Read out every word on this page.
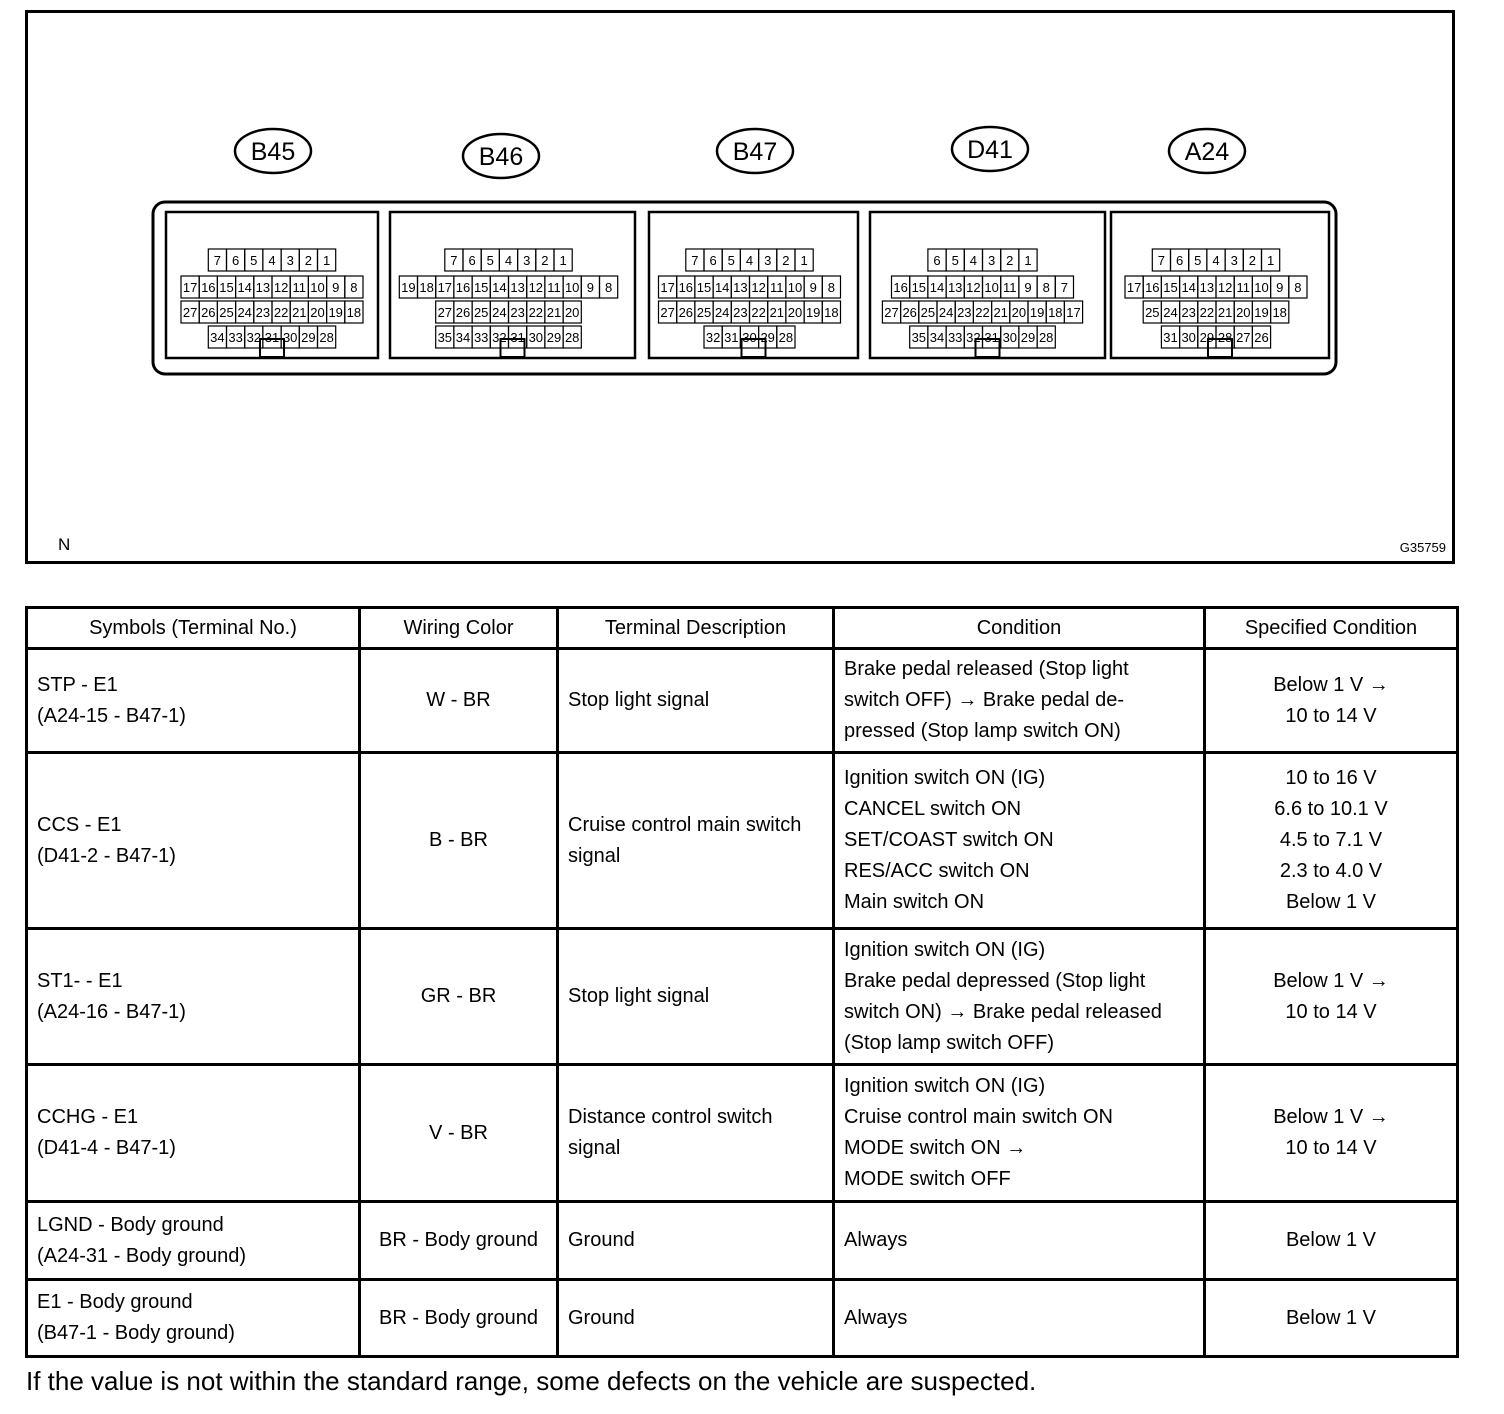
B45
7 6 5 4 3 2 1
17 16 15 14 13 12 11 10 9 8
27 26 25 24 23 22 21 20 19 18
34 33 32 31 30 29 28
B46
7 6 5 4 3 2 1
19 18 17 16 15 14 13 12 11 10 9 8
27 26 25 24 23 22 21 20
35 34 33 32 31 30 29 28
B47
7 6 5 4 3 2 1
17 16 15 14 13 12 11 10 9 8
27 26 25 24 23 22 21 20 19 18
32 31 30 29 28
D41
6 5 4 3 2 1
16 15 14 13 12 10 11 9 8 7
27 26 25 24 23 22 21 20 19 18 17
35 34 33 32 31 30 29 28
A24
7 6 5 4 3 2 1
17 16 15 14 13 12 11 10 9 8
25 24 23 22 21 20 19 18
31 30 29 28 27 26
N	G35759
Symbols (Terminal No.)	Wiring Color	Terminal Description	Condition	Specified Condition

STP - E1
(A24-15 - B47-1)	W - BR	Stop light signal	Brake pedal released (Stop light
switch OFF) → Brake pedal de-
pressed (Stop lamp switch ON)	Below 1 V →
10 to 14 V

CCS - E1
(D41-2 - B47-1)	B - BR	Cruise control main switch signal	Ignition switch ON (IG)
CANCEL switch ON
SET/COAST switch ON
RES/ACC switch ON
Main switch ON	10 to 16 V
6.6 to 10.1 V
4.5 to 7.1 V
2.3 to 4.0 V
Below 1 V

ST1- - E1
(A24-16 - B47-1)	GR - BR	Stop light signal	Ignition switch ON (IG)
Brake pedal depressed (Stop light
switch ON) → Brake pedal released
(Stop lamp switch OFF)	Below 1 V →
10 to 14 V

CCHG - E1
(D41-4 - B47-1)	V - BR	Distance control switch signal	Ignition switch ON (IG)
Cruise control main switch ON
MODE switch ON →
MODE switch OFF	Below 1 V →
10 to 14 V

LGND - Body ground
(A24-31 - Body ground)	BR - Body ground	Ground	Always	Below 1 V

E1 - Body ground
(B47-1 - Body ground)	BR - Body ground	Ground	Always	Below 1 V
If the value is not within the standard range, some defects on the vehicle are suspected.
